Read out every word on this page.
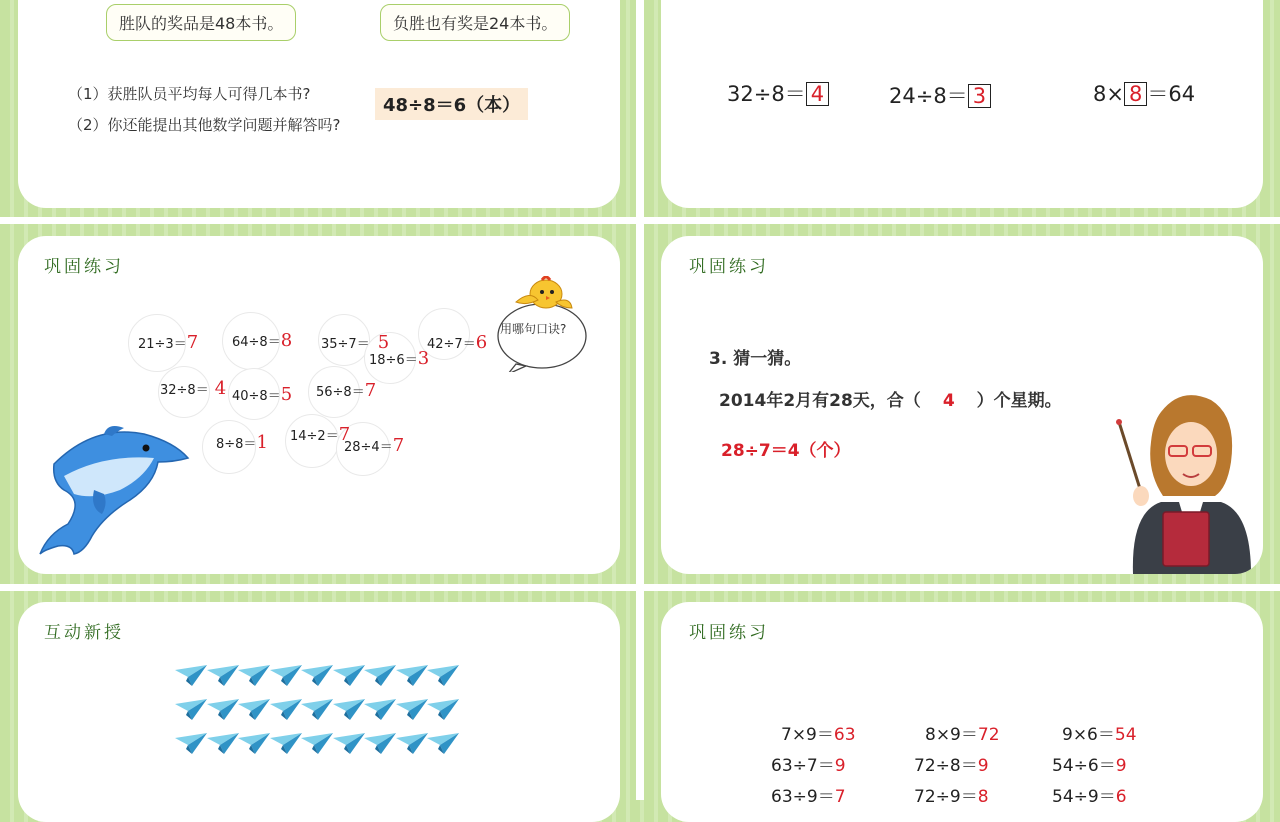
胜队的奖品是48本书。	负胜也有奖是24本书。
（1）获胜队员平均每人可得几本书?
（2）你还能提出其他数学问题并解答吗?
48÷8＝6（本）	32÷8＝ 4	24÷8＝ 3	8× 8 ＝64
巩固练习
21÷3＝7	64÷8＝8 35÷7＝ 5
18÷6＝3
42÷7＝6
32÷8＝ 4 40÷8＝5 56÷8＝7
8÷8＝1 14÷2＝7
28÷4＝7
用哪句口诀?
巩固练习
3. 猜一猜。
2014年2月有28天，合（ 4 ）个星期。
28÷7＝4（个）
互动新授	巩固练习
7×9＝63	8×9＝72	9×6＝54
63÷7＝9	72÷8＝9	54÷6＝9
63÷9＝7	72÷9＝8	54÷9＝6
